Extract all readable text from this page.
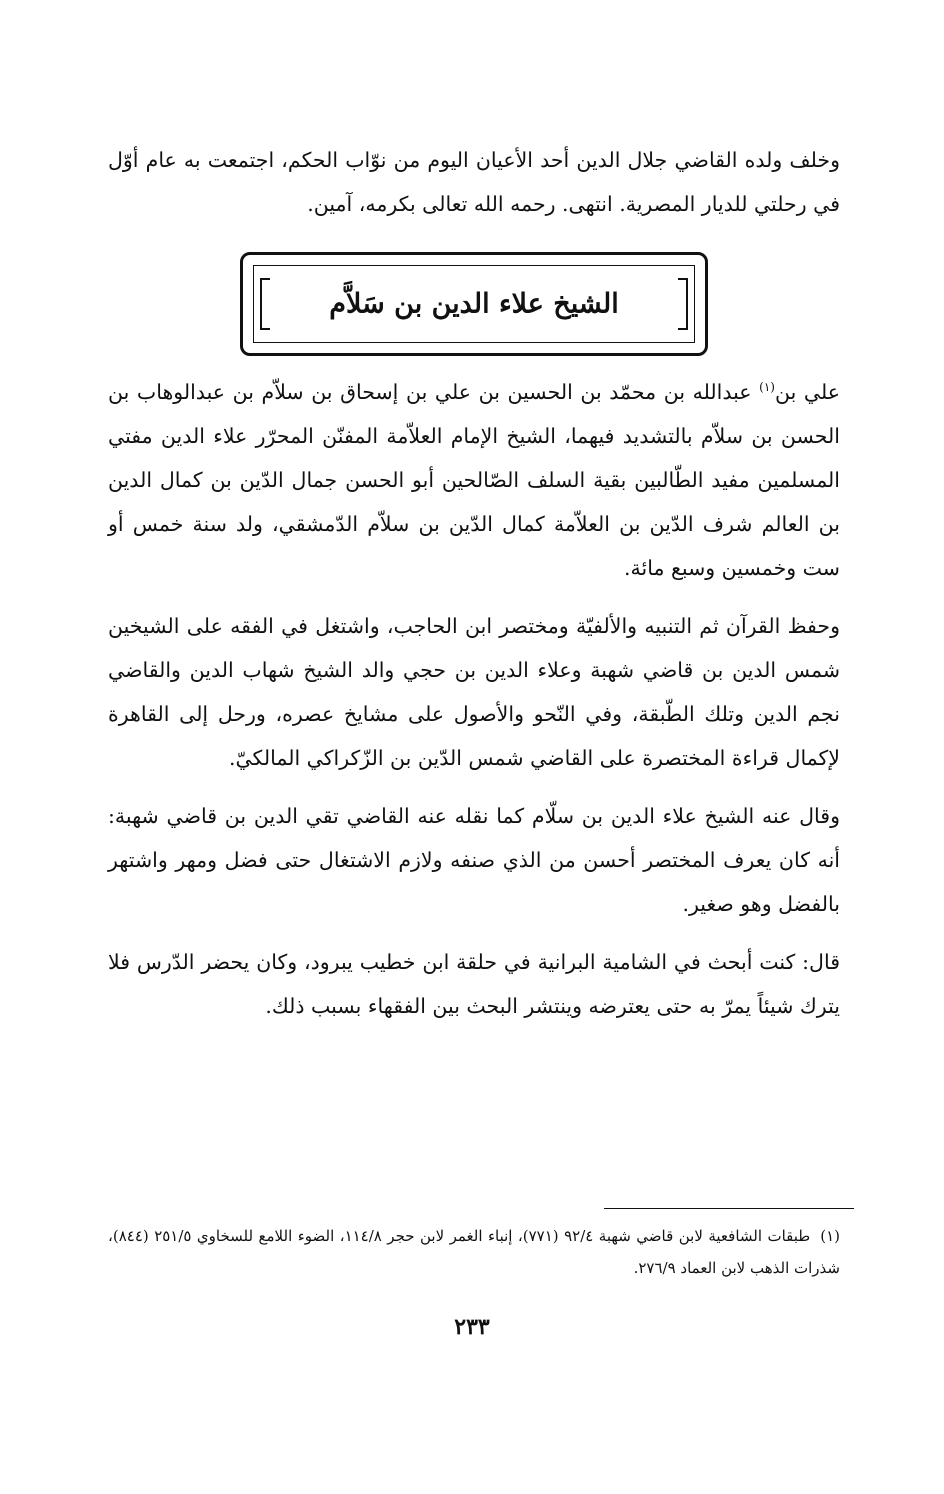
وخلف ولده القاضي جلال الدين أحد الأعيان اليوم من نوّاب الحكم، اجتمعت به عام أوّل في رحلتي للديار المصرية. انتهى. رحمه الله تعالى بكرمه، آمين.

الشيخ علاء الدين بن سَلاَّم

علي بن$^{(١)}$ عبدالله بن محمّد بن الحسين بن علي بن إسحاق بن سلاّم بن عبدالوهاب بن الحسن بن سلاّم بالتشديد فيهما، الشيخ الإمام العلاّمة المفنّن المحرّر علاء الدين مفتي المسلمين مفيد الطّالبين بقية السلف الصّالحين أبو الحسن جمال الدّين بن كمال الدين بن العالم شرف الدّين بن العلاّمة كمال الدّين بن سلاّم الدّمشقي، ولد سنة خمس أو ست وخمسين وسبع مائة.

وحفظ القرآن ثم التنبيه والألفيّة ومختصر ابن الحاجب، واشتغل في الفقه على الشيخين شمس الدين بن قاضي شهبة وعلاء الدين بن حجي والد الشيخ شهاب الدين والقاضي نجم الدين وتلك الطّبقة، وفي النّحو والأصول على مشايخ عصره، ورحل إلى القاهرة لإكمال قراءة المختصرة على القاضي شمس الدّين بن الزّكراكي المالكيّ.

وقال عنه الشيخ علاء الدين بن سلّام كما نقله عنه القاضي تقي الدين بن قاضي شهبة: أنه كان يعرف المختصر أحسن من الذي صنفه ولازم الاشتغال حتى فضل ومهر واشتهر بالفضل وهو صغير.

قال: كنت أبحث في الشامية البرانية في حلقة ابن خطيب يبرود، وكان يحضر الدّرس فلا يترك شيئاً يمرّ به حتى يعترضه وينتشر البحث بين الفقهاء بسبب ذلك.

(١)طبقات الشافعية لابن قاضي شهبة ٩٢/٤ (٧٧١)، إنباء الغمر لابن حجر ١١٤/٨، الضوء اللامع للسخاوي ٢٥١/٥ (٨٤٤)، شذرات الذهب لابن العماد ٢٧٦/٩.
٢٣٣
